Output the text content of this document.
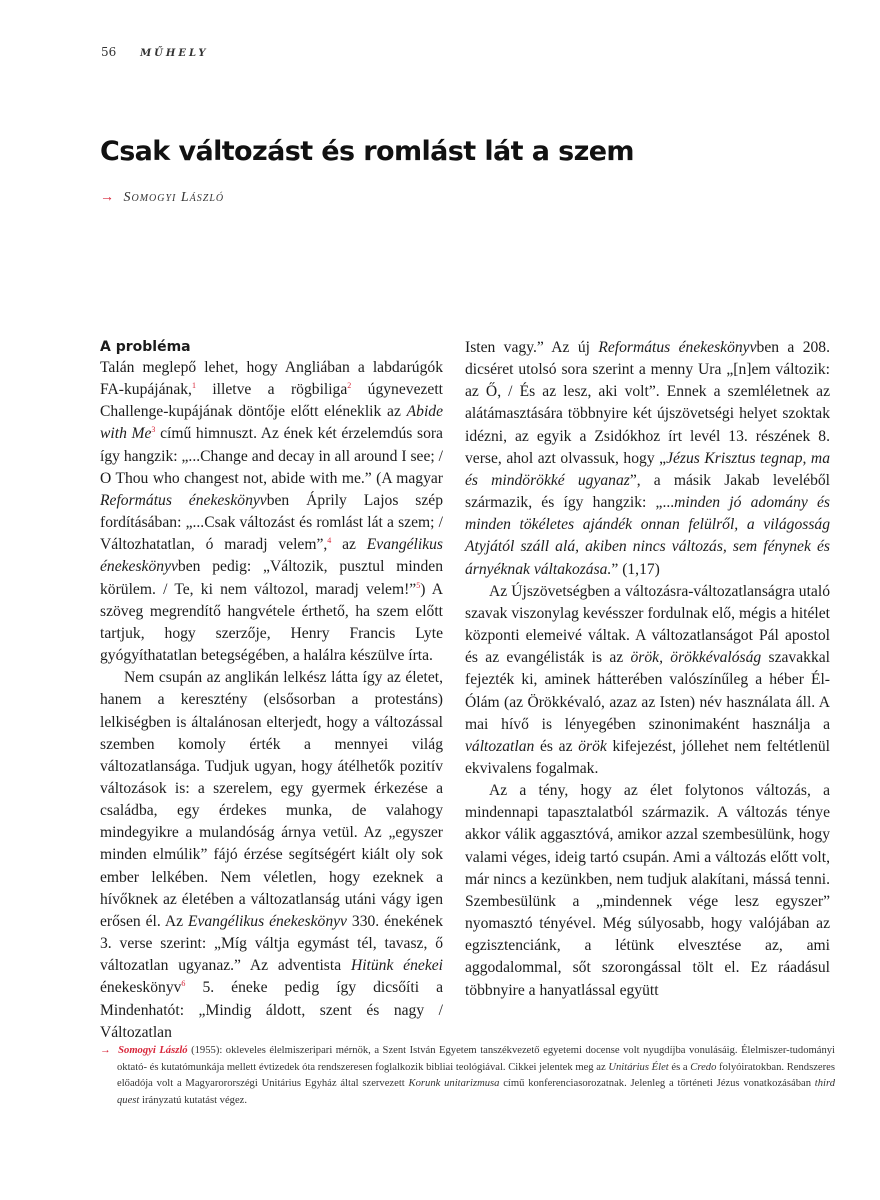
56 MŰHELY
Csak változást és romlást lát a szem
→ Somogyi László
A probléma

Talán meglepő lehet, hogy Angliában a labdarúgók FA-kupájának,$^1$ illetve a rögbiliga$^2$ úgynevezett Challenge-kupájának döntője előtt eléneklik az Abide with Me$^3$ című himnuszt. Az ének két érzelemdús sora így hangzik: „...Change and decay in all around I see; / O Thou who changest not, abide with me.” (A magyar Református énekeskönyvben Áprily Lajos szép fordításában: „...Csak változást és romlást lát a szem; / Változhatatlan, ó maradj velem”,$^4$ az Evangélikus énekeskönyvben pedig: „Változik, pusztul minden körülem. / Te, ki nem változol, maradj velem!”$^5$) A szöveg megrendítő hangvétele érthető, ha szem előtt tartjuk, hogy szerzője, Henry Francis Lyte gyógyíthatatlan betegségében, a halálra készülve írta.

Nem csupán az anglikán lelkész látta így az életet, hanem a keresztény (elsősorban a protestáns) lelkiségben is általánosan elterjedt, hogy a változással szemben komoly érték a mennyei világ változatlansága. Tudjuk ugyan, hogy átélhetők pozitív változások is: a szerelem, egy gyermek érkezése a családba, egy érdekes munka, de valahogy mindegyikre a mulandóság árnya vetül. Az „egyszer minden elmúlik” fájó érzése segítségért kiált oly sok ember lelkében. Nem véletlen, hogy ezeknek a hívőknek az életében a változatlanság utáni vágy igen erősen él. Az Evangélikus énekeskönyv 330. énekének 3. verse szerint: „Míg váltja egymást tél, tavasz, ő változatlan ugyanaz.” Az adventista Hitünk énekei énekeskönyv$^6$ 5. éneke pedig így dicsőíti a Mindenhatót: „Mindig áldott, szent és nagy / Változatlan

Isten vagy.” Az új Református énekeskönyvben a 208. dicséret utolsó sora szerint a menny Ura „[n]em változik: az Ő, / És az lesz, aki volt”. Ennek a szemléletnek az alátámasztására többnyire két újszövetségi helyet szoktak idézni, az egyik a Zsidókhoz írt levél 13. részének 8. verse, ahol azt olvassuk, hogy „Jézus Krisztus tegnap, ma és mindörökké ugyanaz”, a másik Jakab leveléből származik, és így hangzik: „...minden jó adomány és minden tökéletes ajándék onnan felülről, a világosság Atyjától száll alá, akiben nincs változás, sem fénynek és árnyéknak váltakozása.” (1,17)

Az Újszövetségben a változásra-változatlanságra utaló szavak viszonylag kevésszer fordulnak elő, mégis a hitélet központi elemeivé váltak. A változatlanságot Pál apostol és az evangélisták is az örök, örökkévalóság szavakkal fejezték ki, aminek hátterében valószínűleg a héber Él-Ólám (az Örökkévaló, azaz az Isten) név használata áll. A mai hívő is lényegében szinonimaként használja a változatlan és az örök kifejezést, jóllehet nem feltétlenül ekvivalens fogalmak.

Az a tény, hogy az élet folytonos változás, a mindennapi tapasztalatból származik. A változás ténye akkor válik aggasztóvá, amikor azzal szembesülünk, hogy valami véges, ideig tartó csupán. Ami a változás előtt volt, már nincs a kezünkben, nem tudjuk alakítani, mássá tenni. Szembesülünk a „mindennek vége lesz egyszer” nyomasztó tényével. Még súlyosabb, hogy valójában az egzisztenciánk, a létünk elvesztése az, ami aggodalommal, sőt szorongással tölt el. Ez ráadásul többnyire a hanyatlással együtt

→ Somogyi László (1955): okleveles élelmiszeripari mérnök, a Szent István Egyetem tanszékvezető egyetemi docense volt nyugdíjba vonulásáig. Élelmiszer-tudományi oktató- és kutatómunkája mellett évtizedek óta rendszeresen foglalkozik bibliai teológiával. Cikkei jelentek meg az Unitárius Élet és a Credo folyóiratokban. Rendszeres előadója volt a Magyarororszégi Unitárius Egyház által szervezett Korunk unitarizmusa című konferenciasorozatnak. Jelenleg a történeti Jézus vonatkozásában third quest irányzatú kutatást végez.
